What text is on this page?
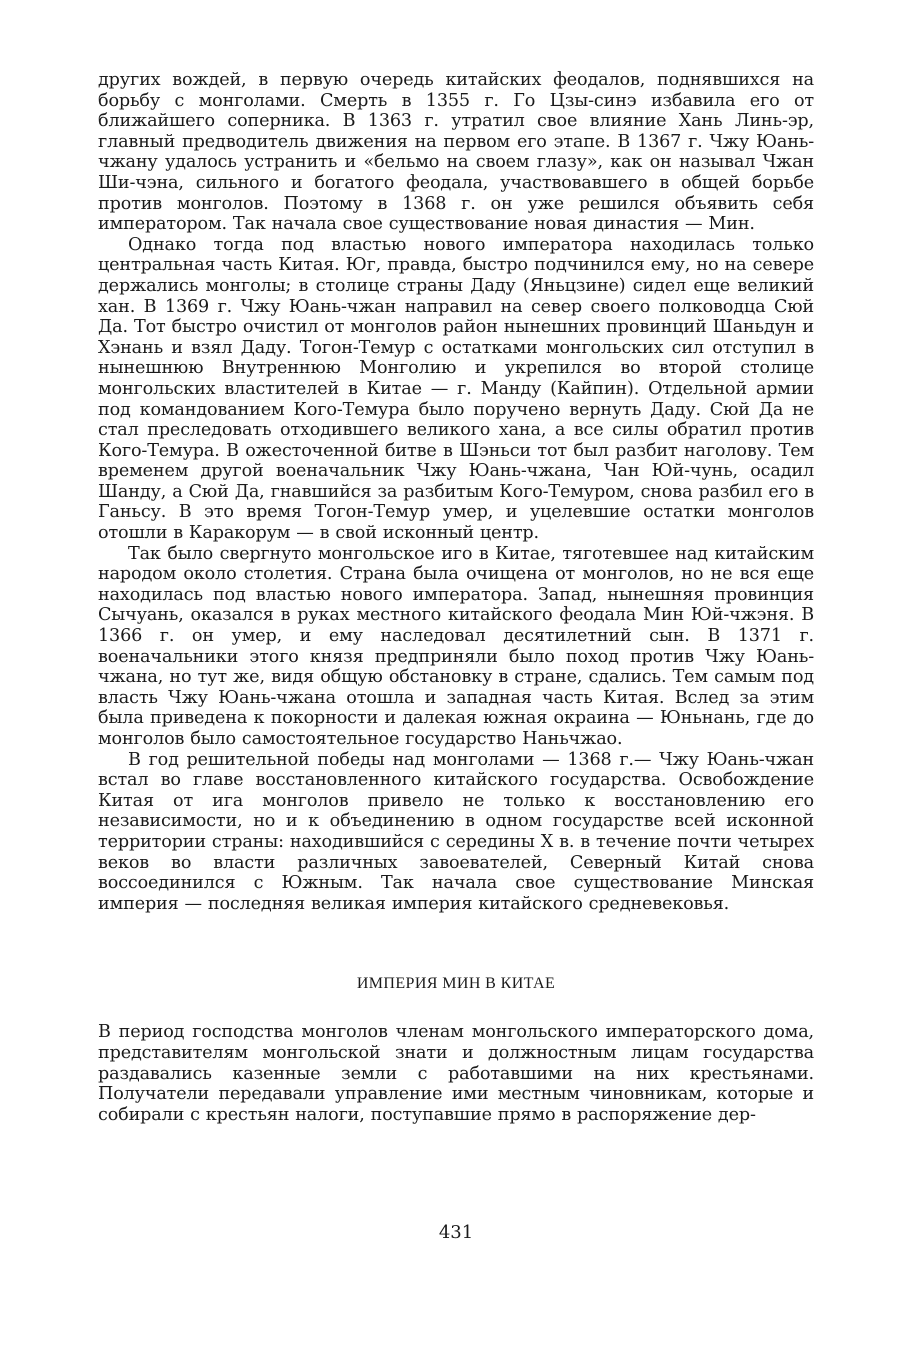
других вождей, в первую очередь китайских феодалов, поднявшихся на борьбу с монголами. Смерть в 1355 г. Го Цзы-синэ избавила его от ближайшего соперника. В 1363 г. утратил свое влияние Хань Линь-эр, главный предводитель движения на первом его этапе. В 1367 г. Чжу Юань-чжану удалось устранить и «бельмо на своем глазу», как он называл Чжан Ши-чэна, сильного и богатого феодала, участвовавшего в общей борьбе против монголов. Поэтому в 1368 г. он уже решился объявить себя императором. Так начала свое существование новая династия — Мин.

Однако тогда под властью нового императора находилась только центральная часть Китая. Юг, правда, быстро подчинился ему, но на севере держались монголы; в столице страны Даду (Яньцзине) сидел еще великий хан. В 1369 г. Чжу Юань-чжан направил на север своего полководца Сюй Да. Тот быстро очистил от монголов район нынешних провинций Шаньдун и Хэнань и взял Даду. Тогон-Темур с остатками монгольских сил отступил в нынешнюю Внутреннюю Монголию и укрепился во второй столице монгольских властителей в Китае — г. Манду (Кайпин). Отдельной армии под командованием Кого-Темура было поручено вернуть Даду. Сюй Да не стал преследовать отходившего великого хана, а все силы обратил против Кого-Темура. В ожесточенной битве в Шэньси тот был разбит наголову. Тем временем другой военачальник Чжу Юань-чжана, Чан Юй-чунь, осадил Шанду, а Сюй Да, гнавшийся за разбитым Кого-Темуром, снова разбил его в Ганьсу. В это время Тогон-Темур умер, и уцелевшие остатки монголов отошли в Каракорум — в свой исконный центр.

Так было свергнуто монгольское иго в Китае, тяготевшее над китайским народом около столетия. Страна была очищена от монголов, но не вся еще находилась под властью нового императора. Запад, нынешняя провинция Сычуань, оказался в руках местного китайского феодала Мин Юй-чжэня. В 1366 г. он умер, и ему наследовал десятилетний сын. В 1371 г. военачальники этого князя предприняли было поход против Чжу Юань-чжана, но тут же, видя общую обстановку в стране, сдались. Тем самым под власть Чжу Юань-чжана отошла и западная часть Китая. Вслед за этим была приведена к покорности и далекая южная окраина — Юньнань, где до монголов было самостоятельное государство Наньчжао.

В год решительной победы над монголами — 1368 г.— Чжу Юань-чжан встал во главе восстановленного китайского государства. Освобождение Китая от ига монголов привело не только к восстановлению его независимости, но и к объединению в одном государстве всей исконной территории страны: находившийся с середины X в. в течение почти четырех веков во власти различных завоевателей, Северный Китай снова воссоединился с Южным. Так начала свое существование Минская империя — последняя великая империя китайского средневековья.

ИМПЕРИЯ МИН В КИТАЕ

В период господства монголов членам монгольского императорского дома, представителям монгольской знати и должностным лицам государства раздавались казенные земли с работавшими на них крестьянами. Получатели передавали управление ими местным чиновникам, которые и собирали с крестьян налоги, поступавшие прямо в распоряжение дер-

431
